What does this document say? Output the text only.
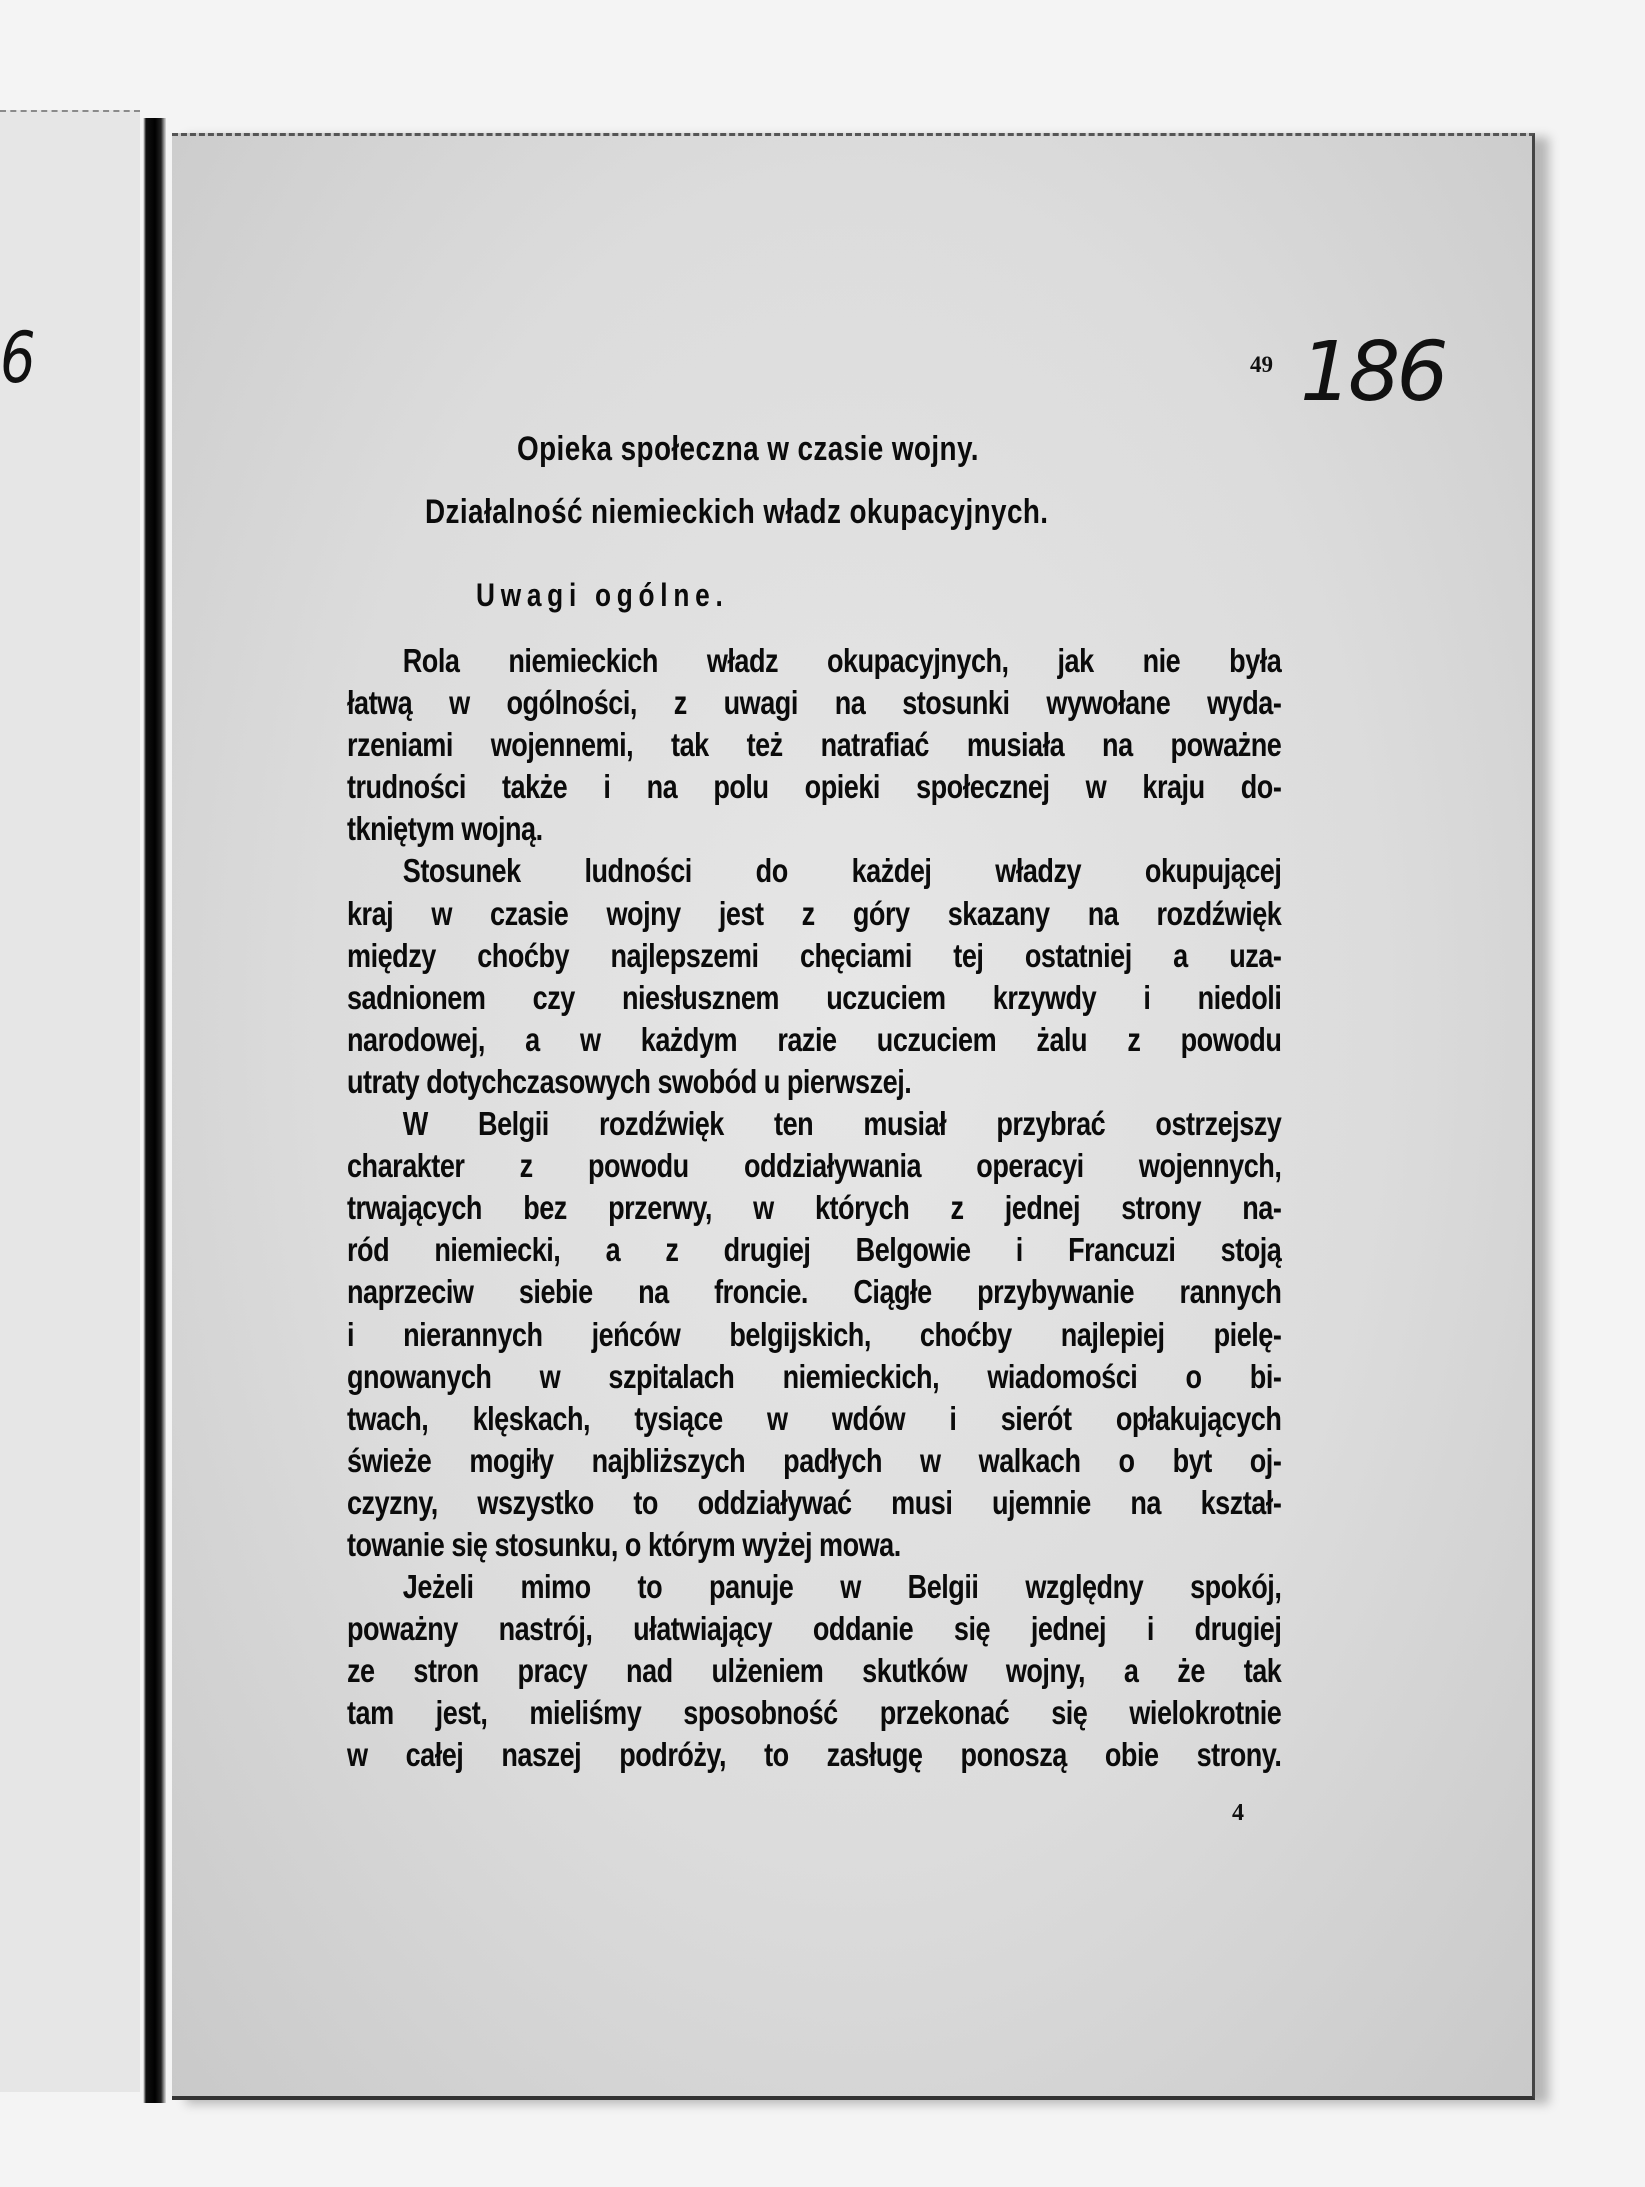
6	49 186
Opieka społeczna w czasie wojny.
Działalność niemieckich władz okupacyjnych.
Uwagi ogólne.
Rola niemieckich władz okupacyjnych, jak nie była
łatwą w ogólności, z uwagi na stosunki wywołane wyda-
rzeniami wojennemi, tak też natrafiać musiała na poważne
trudności także i na polu opieki społecznej w kraju do-
tkniętym wojną.
Stosunek ludności do każdej władzy okupującej
kraj w czasie wojny jest z góry skazany na rozdźwięk
między choćby najlepszemi chęciami tej ostatniej a uza-
sadnionem czy niesłusznem uczuciem krzywdy i niedoli
narodowej, a w każdym razie uczuciem żalu z powodu
utraty dotychczasowych swobód u pierwszej.
W Belgii rozdźwięk ten musiał przybrać ostrzejszy
charakter z powodu oddziaływania operacyi wojennych,
trwających bez przerwy, w których z jednej strony na-
ród niemiecki, a z drugiej Belgowie i Francuzi stoją
naprzeciw siebie na froncie. Ciągłe przybywanie rannych
i nierannych jeńców belgijskich, choćby najlepiej pielę-
gnowanych w szpitalach niemieckich, wiadomości o bi-
twach, klęskach, tysiące w wdów i sierót opłakujących
świeże mogiły najbliższych padłych w walkach o byt oj-
czyzny, wszystko to oddziaływać musi ujemnie na kształ-
towanie się stosunku, o którym wyżej mowa.
Jeżeli mimo to panuje w Belgii względny spokój,
poważny nastrój, ułatwiający oddanie się jednej i drugiej
ze stron pracy nad ulżeniem skutków wojny, a że tak
tam jest, mieliśmy sposobność przekonać się wielokrotnie
w całej naszej podróży, to zasługę ponoszą obie strony.
4
